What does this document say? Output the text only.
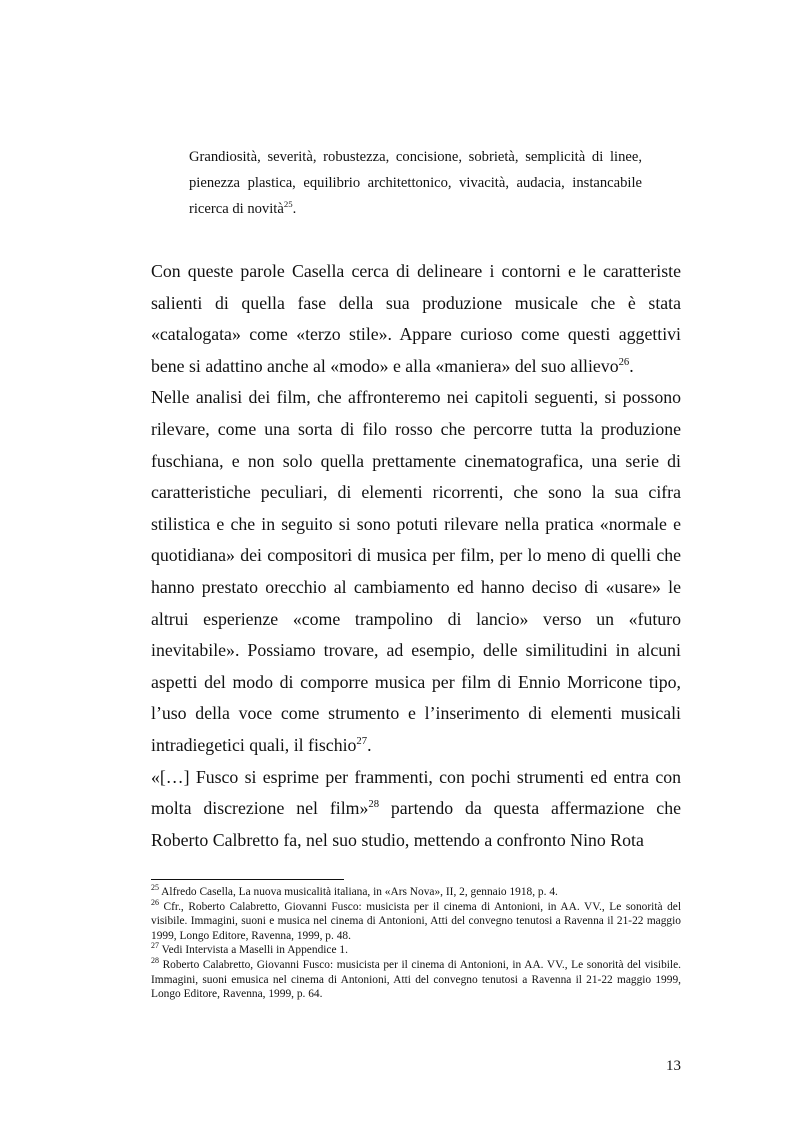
Grandiosità, severità, robustezza, concisione, sobrietà, semplicità di linee, pienezza plastica, equilibrio architettonico, vivacità, audacia, instancabile ricerca di novità$^{25}$.

Con queste parole Casella cerca di delineare i contorni e le caratteriste salienti di quella fase della sua produzione musicale che è stata «catalogata» come «terzo stile». Appare curioso come questi aggettivi bene si adattino anche al «modo» e alla «maniera» del suo allievo$^{26}$.

Nelle analisi dei film, che affronteremo nei capitoli seguenti, si possono rilevare, come una sorta di filo rosso che percorre tutta la produzione fuschiana, e non solo quella prettamente cinematografica, una serie di caratteristiche peculiari, di elementi ricorrenti, che sono la sua cifra stilistica e che in seguito si sono potuti rilevare nella pratica «normale e quotidiana» dei compositori di musica per film, per lo meno di quelli che hanno prestato orecchio al cambiamento ed hanno deciso di «usare» le altrui esperienze «come trampolino di lancio» verso un «futuro inevitabile». Possiamo trovare, ad esempio, delle similitudini in alcuni aspetti del modo di comporre musica per film di Ennio Morricone tipo, l’uso della voce come strumento e l’inserimento di elementi musicali intradiegetici quali, il fischio$^{27}$.

«[…] Fusco si esprime per frammenti, con pochi strumenti ed entra con molta discrezione nel film»$^{28}$ partendo da questa affermazione che Roberto Calbretto fa, nel suo studio, mettendo a confronto Nino Rota

$^{25}$ Alfredo Casella, La nuova musicalità italiana, in «Ars Nova», II, 2, gennaio 1918, p. 4.

$^{26}$ Cfr., Roberto Calabretto, Giovanni Fusco: musicista per il cinema di Antonioni, in AA. VV., Le sonorità del visibile. Immagini, suoni e musica nel cinema di Antonioni, Atti del convegno tenutosi a Ravenna il 21-22 maggio 1999, Longo Editore, Ravenna, 1999, p. 48.

$^{27}$ Vedi Intervista a Maselli in Appendice 1.

$^{28}$ Roberto Calabretto, Giovanni Fusco: musicista per il cinema di Antonioni, in AA. VV., Le sonorità del visibile. Immagini, suoni emusica nel cinema di Antonioni, Atti del convegno tenutosi a Ravenna il 21-22 maggio 1999, Longo Editore, Ravenna, 1999, p. 64.

13
